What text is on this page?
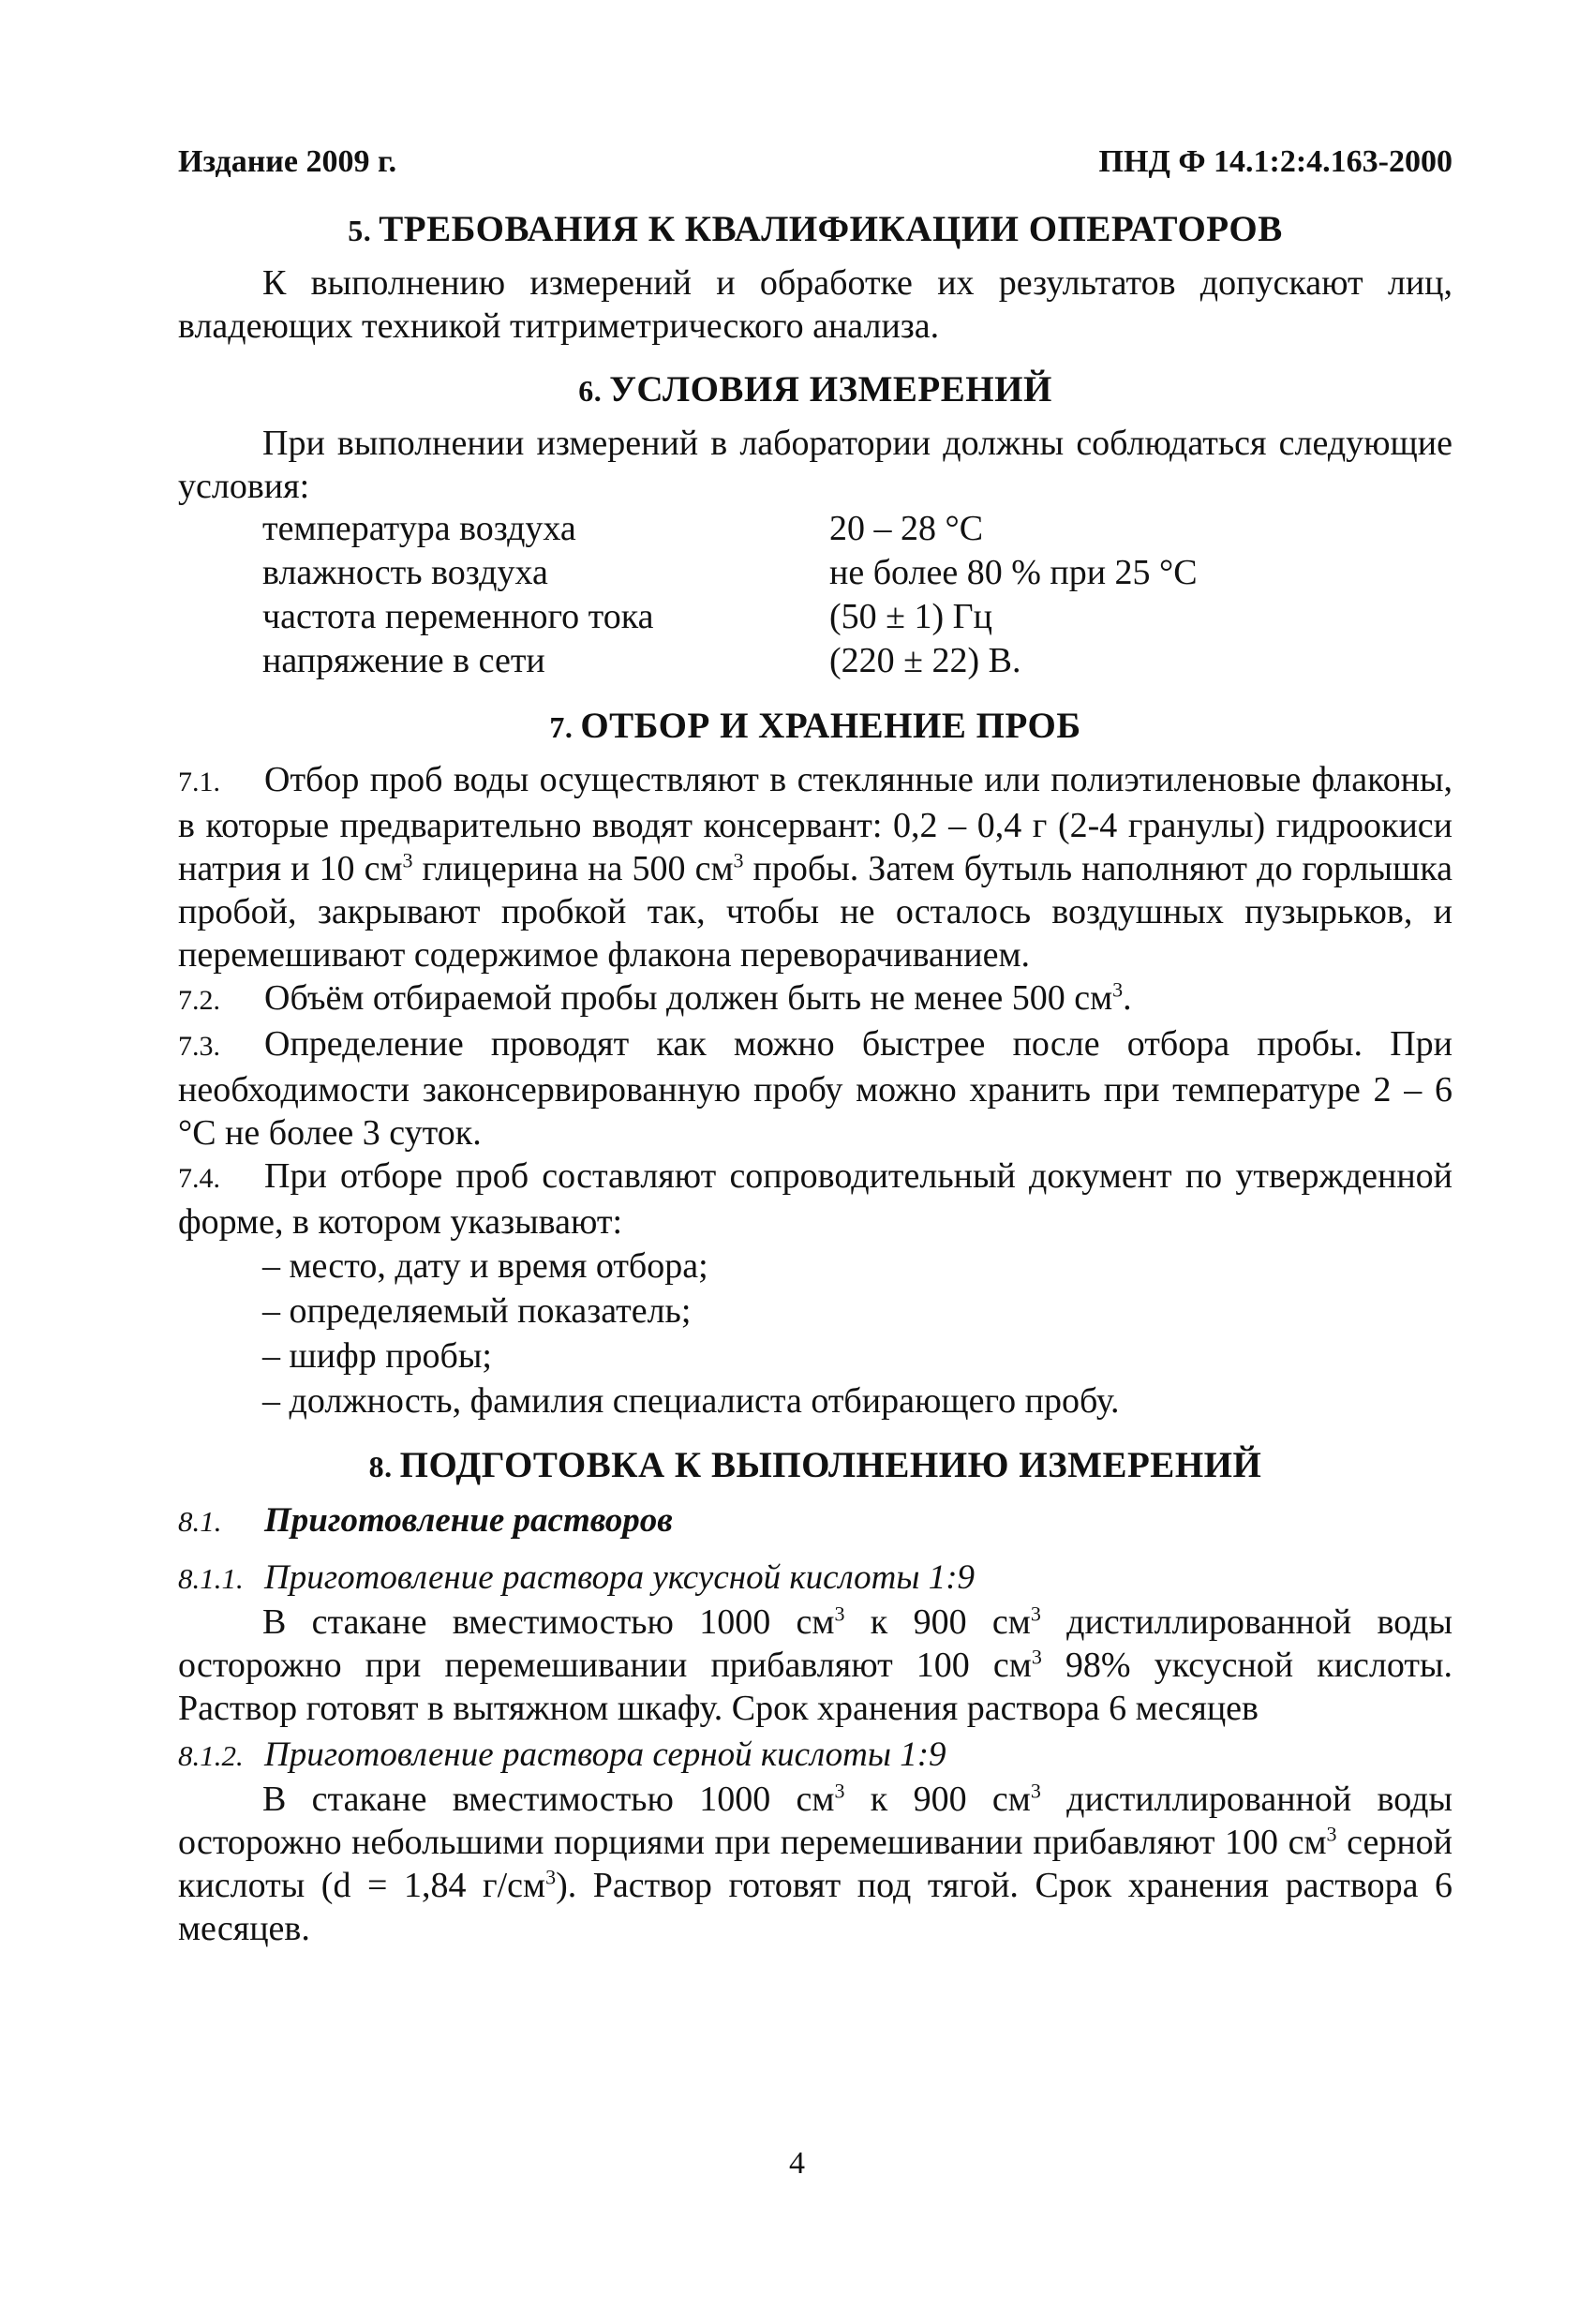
Издание 2009 г.	ПНД Ф 14.1:2:4.163-2000
5. ТРЕБОВАНИЯ К КВАЛИФИКАЦИИ ОПЕРАТОРОВ

К выполнению измерений и обработке их результатов допускают лиц, владеющих техникой титриметрического анализа.

6. УСЛОВИЯ ИЗМЕРЕНИЙ

При выполнении измерений в лаборатории должны соблюдаться следующие условия:

температура воздуха	20 – 28 °С
влажность воздуха	не более 80 % при 25 °С
частота переменного тока	(50 ± 1) Гц
напряжение в сети	(220 ± 22) В.
7. ОТБОР И ХРАНЕНИЕ ПРОБ

7.1. Отбор проб воды осуществляют в стеклянные или полиэтиленовые флаконы, в которые предварительно вводят консервант: 0,2 – 0,4 г (2-4 гранулы) гидроокиси натрия и 10 $см^3$ глицерина на 500 $см^3$ пробы. Затем бутыль наполняют до горлышка пробой, закрывают пробкой так, чтобы не осталось воздушных пузырьков, и перемешивают содержимое флакона переворачиванием.

7.2. Объём отбираемой пробы должен быть не менее 500 $см^3$.

7.3. Определение проводят как можно быстрее после отбора пробы. При необходимости законсервированную пробу можно хранить при температуре 2 – 6 °С не более 3 суток.

7.4. При отборе проб составляют сопроводительный документ по утвержденной форме, в котором указывают:

– место, дату и время отбора;
– определяемый показатель;
– шифр пробы;
– должность, фамилия специалиста отбирающего пробу.
8. ПОДГОТОВКА К ВЫПОЛНЕНИЮ ИЗМЕРЕНИЙ
8.1. Приготовление растворов
8.1.1. Приготовление раствора уксусной кислоты 1:9

В стакане вместимостью 1000 $см^3$ к 900 $см^3$ дистиллированной воды осторожно при перемешивании прибавляют 100 $см^3$ 98% уксусной кислоты. Раствор готовят в вытяжном шкафу. Срок хранения раствора 6 месяцев

8.1.2. Приготовление раствора серной кислоты 1:9

В стакане вместимостью 1000 $см^3$ к 900 $см^3$ дистиллированной воды осторожно небольшими порциями при перемешивании прибавляют 100 $см^3$ серной кислоты (d = 1,84 $г/см^3$). Раствор готовят под тягой. Срок хранения раствора 6 месяцев.

4
